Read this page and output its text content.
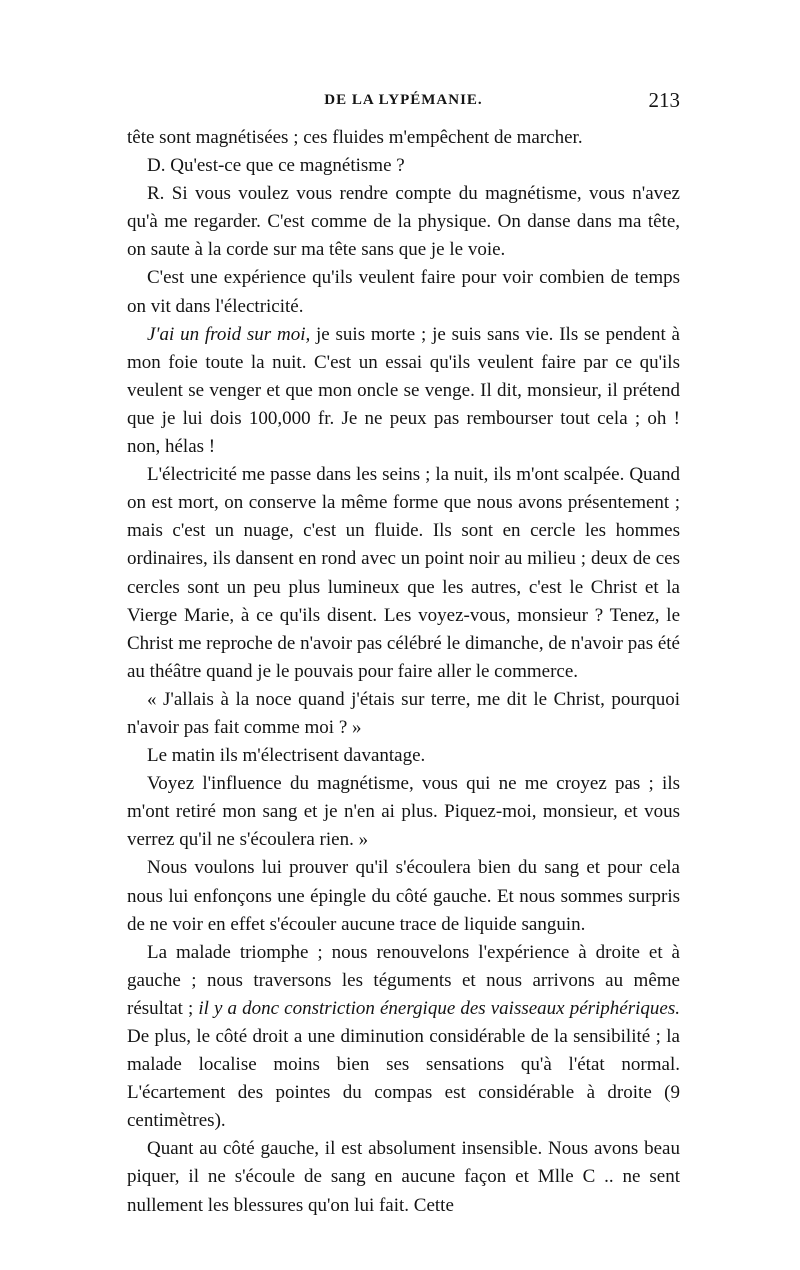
DE LA LYPÉMANIE.	213

tête sont magnétisées ; ces fluides m'empêchent de marcher.

D. Qu'est-ce que ce magnétisme ?

R. Si vous voulez vous rendre compte du magnétisme, vous n'avez qu'à me regarder. C'est comme de la physique. On danse dans ma tête, on saute à la corde sur ma tête sans que je le voie.

C'est une expérience qu'ils veulent faire pour voir combien de temps on vit dans l'électricité.

J'ai un froid sur moi, je suis morte ; je suis sans vie. Ils se pendent à mon foie toute la nuit. C'est un essai qu'ils veulent faire par ce qu'ils veulent se venger et que mon oncle se venge. Il dit, monsieur, il prétend que je lui dois 100,000 fr. Je ne peux pas rembourser tout cela ; oh ! non, hélas !

L'électricité me passe dans les seins ; la nuit, ils m'ont scalpée. Quand on est mort, on conserve la même forme que nous avons présentement ; mais c'est un nuage, c'est un fluide. Ils sont en cercle les hommes ordinaires, ils dansent en rond avec un point noir au milieu ; deux de ces cercles sont un peu plus lumineux que les autres, c'est le Christ et la Vierge Marie, à ce qu'ils disent. Les voyez-vous, monsieur ? Tenez, le Christ me reproche de n'avoir pas célébré le dimanche, de n'avoir pas été au théâtre quand je le pouvais pour faire aller le commerce.

« J'allais à la noce quand j'étais sur terre, me dit le Christ, pourquoi n'avoir pas fait comme moi ? »

Le matin ils m'électrisent davantage.

Voyez l'influence du magnétisme, vous qui ne me croyez pas ; ils m'ont retiré mon sang et je n'en ai plus. Piquez-moi, monsieur, et vous verrez qu'il ne s'écoulera rien. »

Nous voulons lui prouver qu'il s'écoulera bien du sang et pour cela nous lui enfonçons une épingle du côté gauche. Et nous sommes surpris de ne voir en effet s'écouler aucune trace de liquide sanguin.

La malade triomphe ; nous renouvelons l'expérience à droite et à gauche ; nous traversons les téguments et nous arrivons au même résultat ; il y a donc constriction énergique des vaisseaux périphériques. De plus, le côté droit a une diminution considérable de la sensibilité ; la malade localise moins bien ses sensations qu'à l'état normal. L'écartement des pointes du compas est considérable à droite (9 centimètres).

Quant au côté gauche, il est absolument insensible. Nous avons beau piquer, il ne s'écoule de sang en aucune façon et Mlle C .. ne sent nullement les blessures qu'on lui fait. Cette
